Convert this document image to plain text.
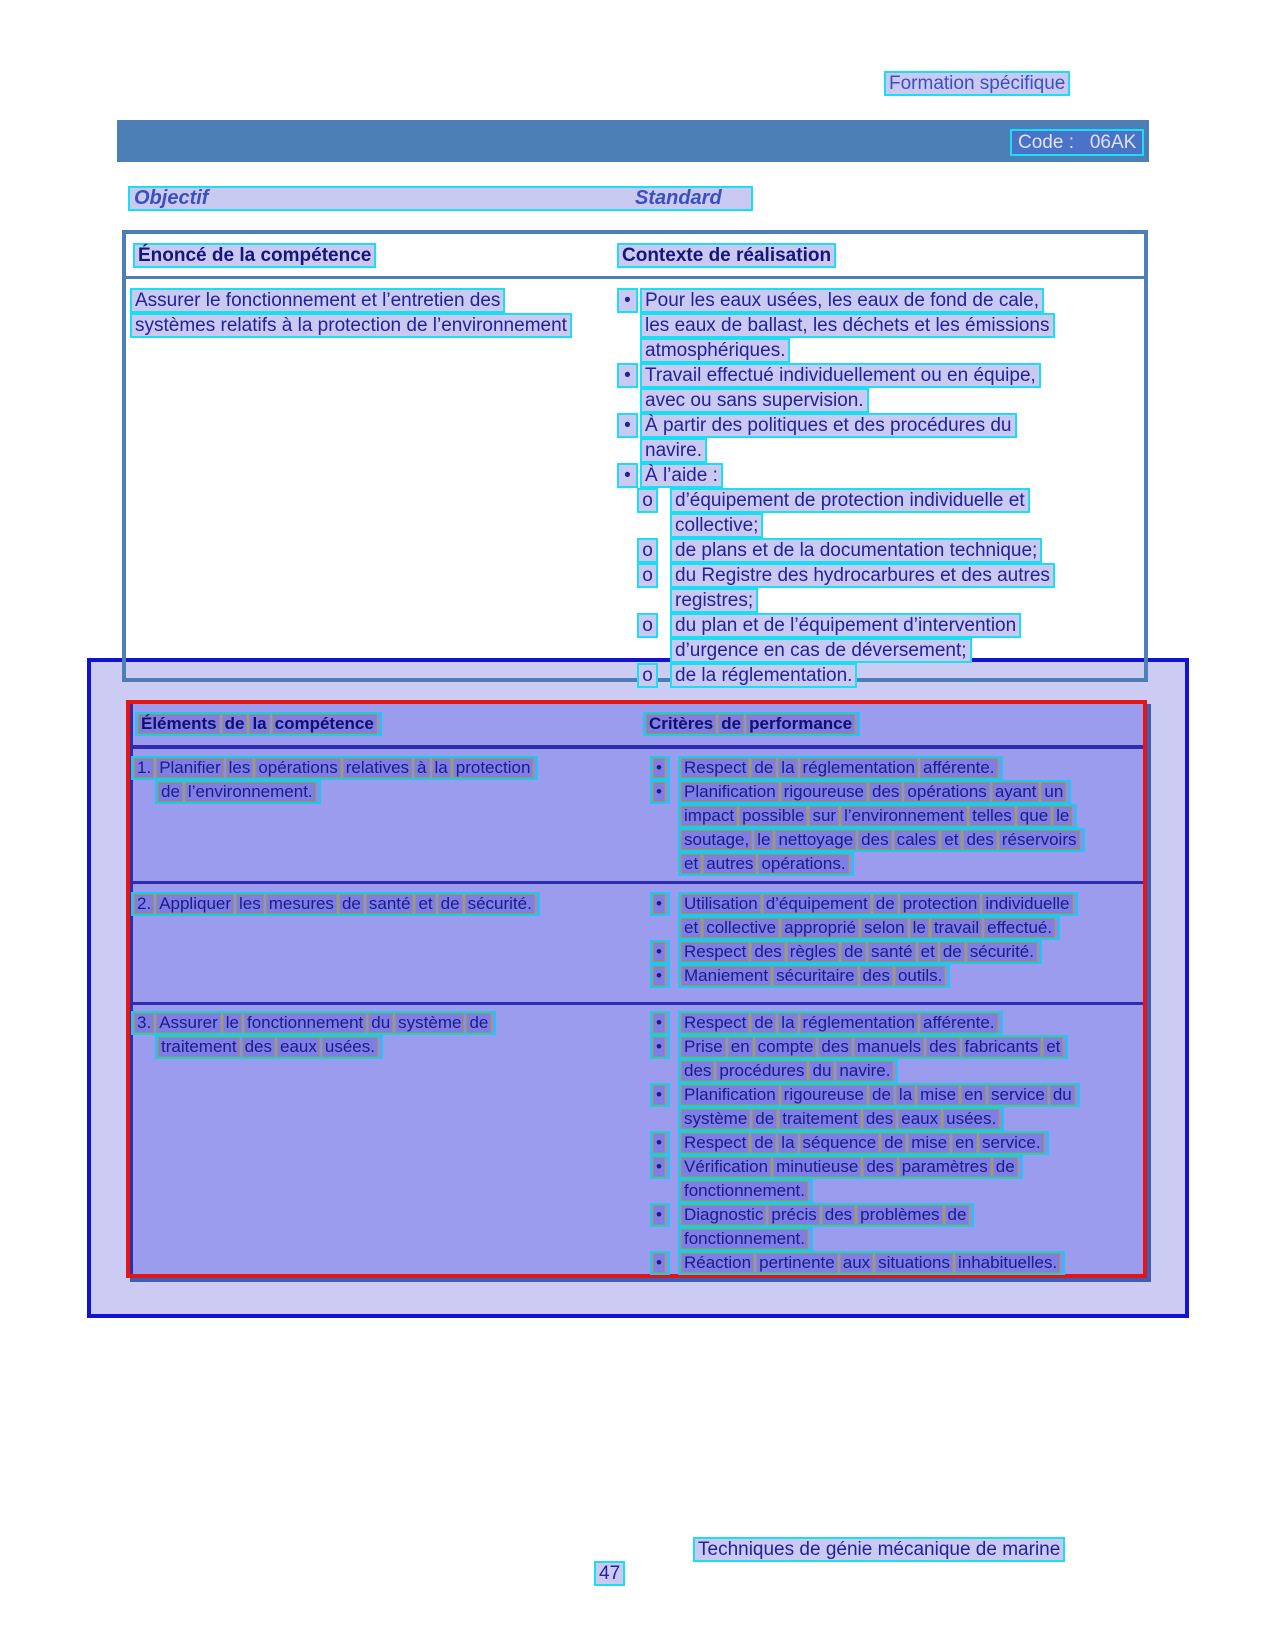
Formation spécifique
Code :   06AK
Objectif	Standard
Énoncé de la compétence	Contexte de réalisation
Assurer le fonctionnement et l’entretien des
systèmes relatifs à la protection de l’environnement
• Pour les eaux usées, les eaux de fond de cale,
les eaux de ballast, les déchets et les émissions
atmosphériques.
• Travail effectué individuellement ou en équipe,
avec ou sans supervision.
• À partir des politiques et des procédures du
navire.
• À l’aide :
o d’équipement de protection individuelle et
collective;
o de plans et de la documentation technique;
o du Registre des hydrocarbures et des autres
registres;
o du plan et de l’équipement d’intervention
d’urgence en cas de déversement;
o de la réglementation.
Éléments de la compétence	Critères de performance
1. Planifier les opérations relatives à la protection
de l’environnement.
•	Respect de la réglementation afférente.
•	Planification rigoureuse des opérations ayant un
impact possible sur l’environnement telles que le
soutage, le nettoyage des cales et des réservoirs
et autres opérations.
2. Appliquer les mesures de santé et de sécurité.	•	Utilisation d’équipement de protection individuelle
et collective approprié selon le travail effectué.
•	Respect des règles de santé et de sécurité.
•	Maniement sécuritaire des outils.
3. Assurer le fonctionnement du système de
traitement des eaux usées.
•	Respect de la réglementation afférente.
•	Prise en compte des manuels des fabricants et
des procédures du navire.
•	Planification rigoureuse de la mise en service du
système de traitement des eaux usées.
•	Respect de la séquence de mise en service.
•	Vérification minutieuse des paramètres de
fonctionnement.
•	Diagnostic précis des problèmes de
fonctionnement.
•	Réaction pertinente aux situations inhabituelles.
Techniques de génie mécanique de marine
47
